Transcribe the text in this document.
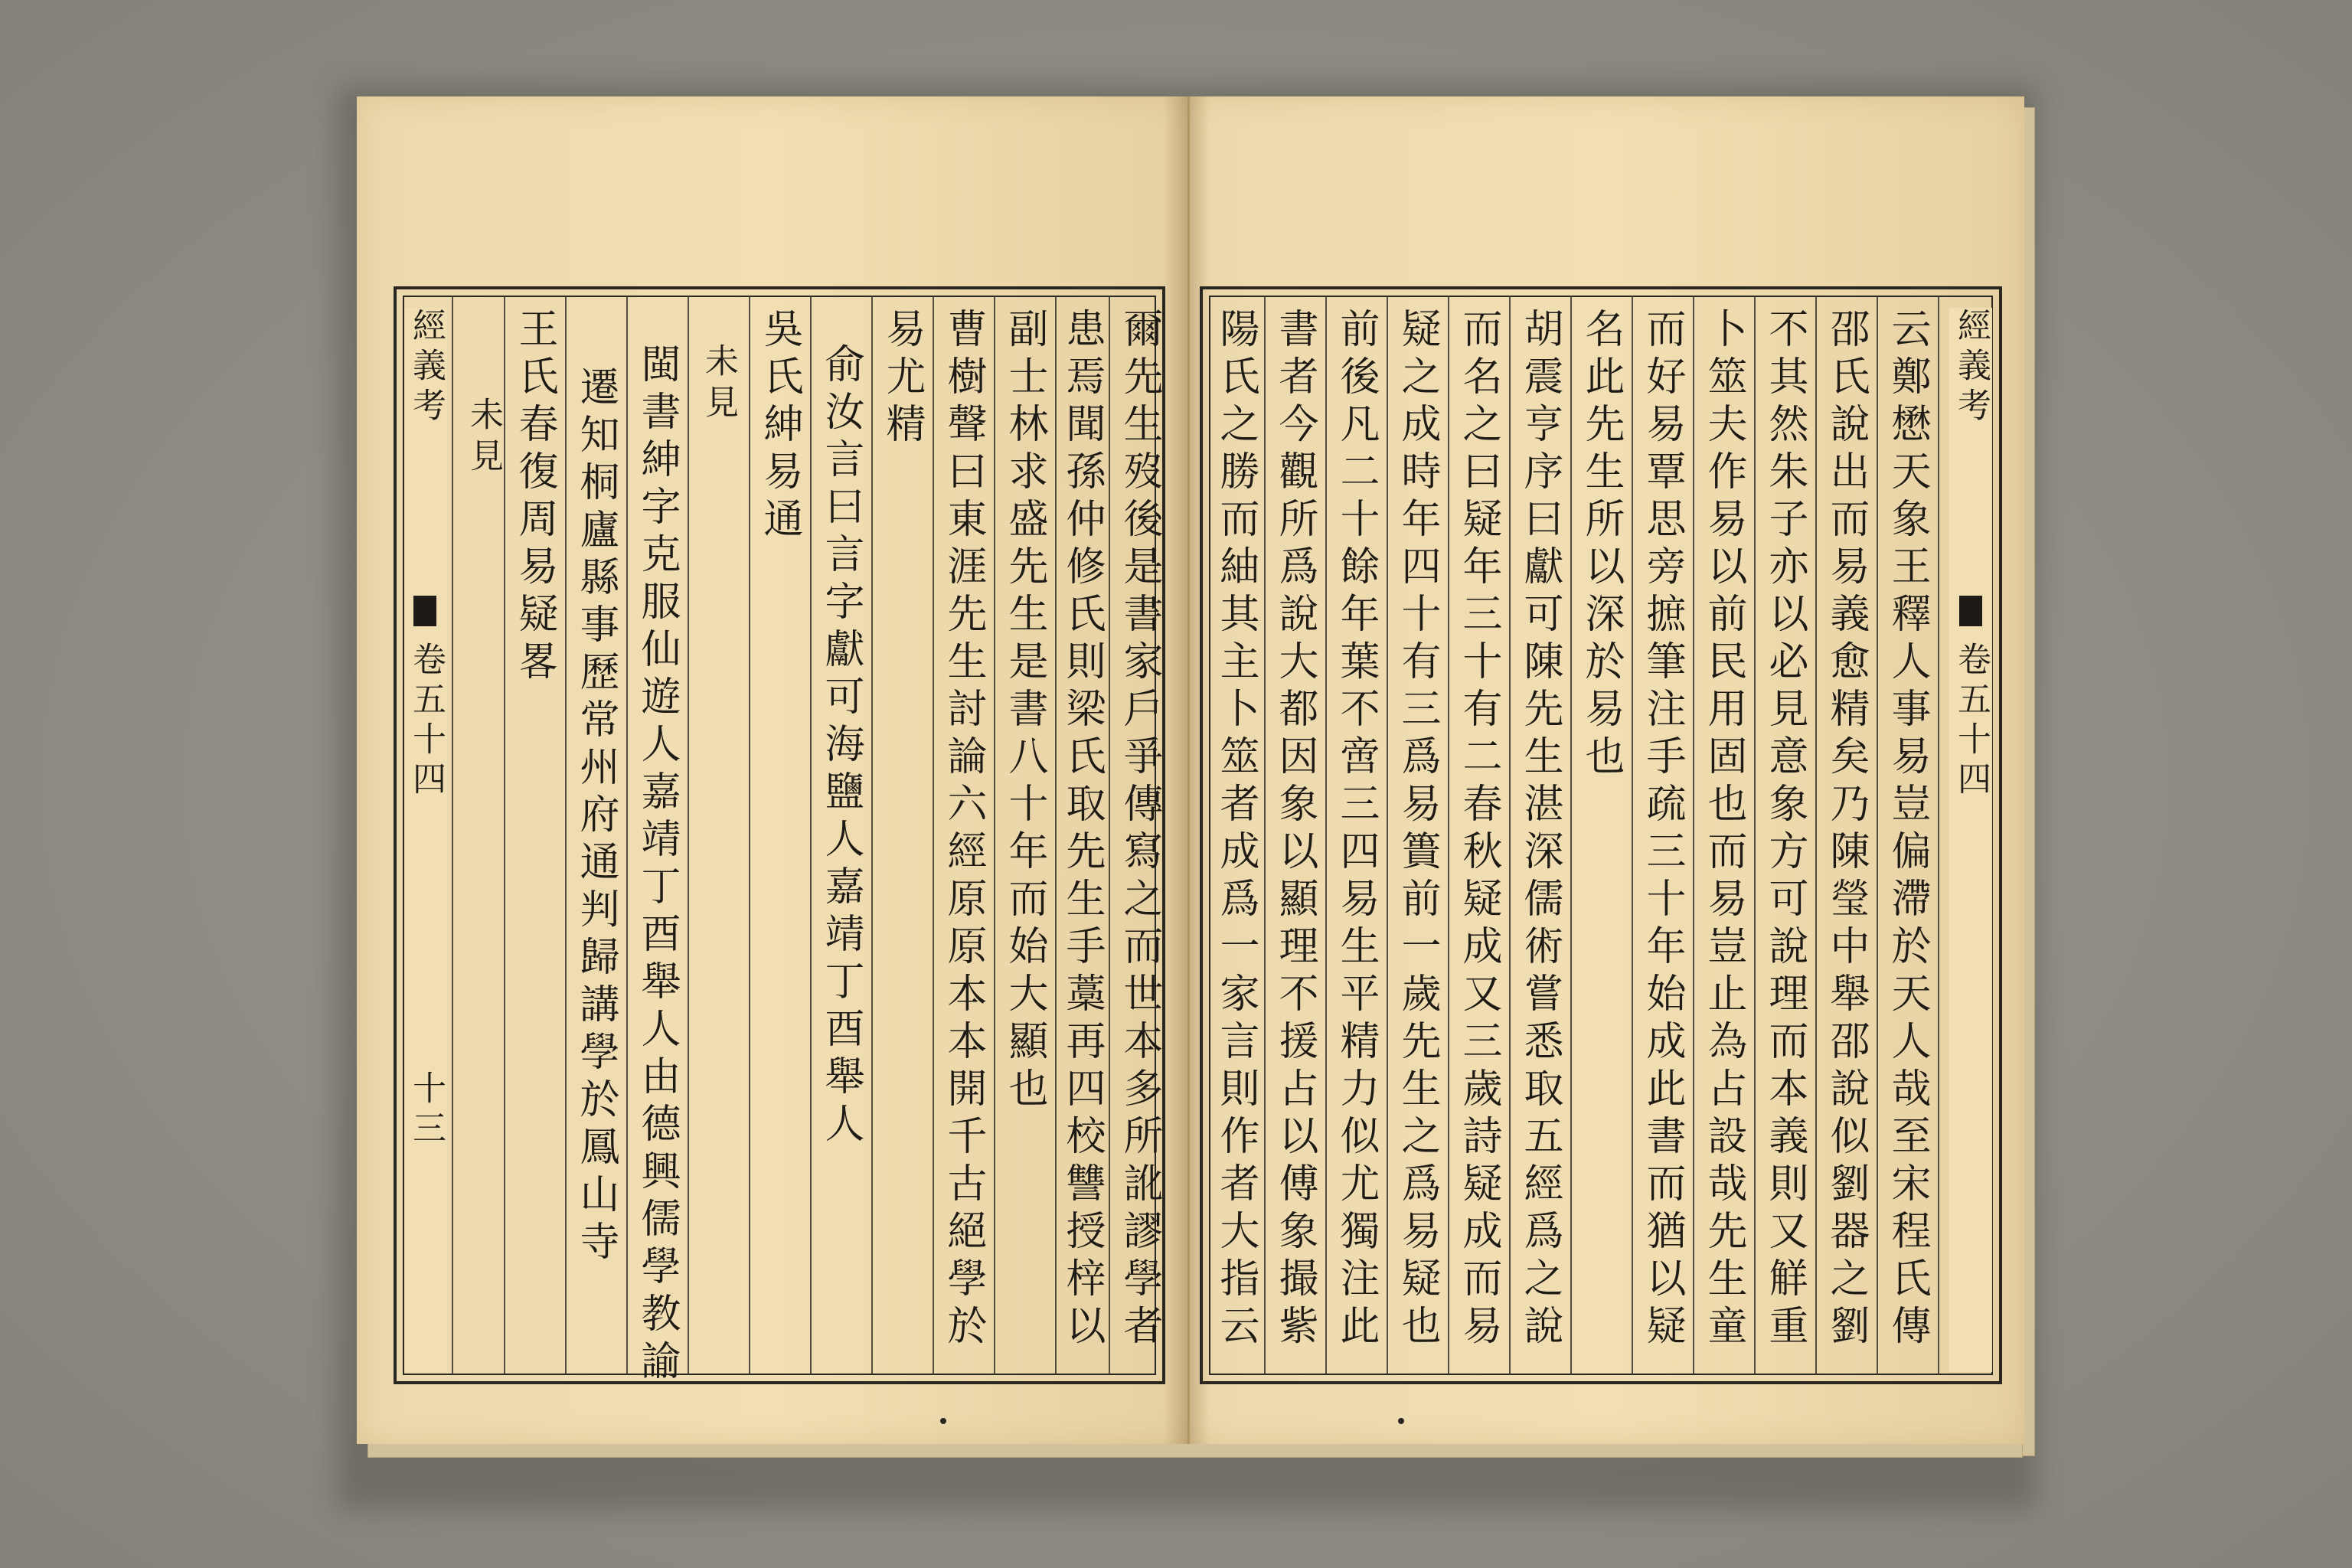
經義考
卷五十四
十三	爾先生歿後是書家戶爭傳寫之而世本多所訛謬學者
患焉聞孫仲修氏則梁氏取先生手藁再四校讐授梓以
副士林求盛先生是書八十年而始大顯也
曹樹聲曰東涯先生討論六經原原本本開千古絕學於
易尤精
俞汝言曰言字獻可海鹽人嘉靖丁酉舉人
吳氏紳易通
未見
閩書紳字克服仙遊人嘉靖丁酉舉人由德興儒學教諭
遷知桐廬縣事歷常州府通判歸講學於鳳山寺
王氏春復周易疑畧
未見
經義考
卷五十四
云鄭懋天象王釋人事易豈偏滯於天人哉至宋程氏傳
邵氏說出而易義愈精矣乃陳瑩中舉邵說似劉器之劉
不其然朱子亦以必見意象方可說理而本義則又觧重
卜筮夫作易以前民用固也而易豈止為占設哉先生童
而好易覃思旁摭筆注手疏三十年始成此書而猶以疑
名此先生所以深於易也
胡震亨序曰獻可陳先生湛深儒術嘗悉取五經爲之說
而名之曰疑年三十有二春秋疑成又三歲詩疑成而易
疑之成時年四十有三爲易簣前一歲先生之爲易疑也
前後凡二十餘年葉不啻三四易生平精力似尤獨注此
書者今觀所爲說大都因象以顯理不援占以傅象撮紫
陽氏之勝而紬其主卜筮者成爲一家言則作者大指云
